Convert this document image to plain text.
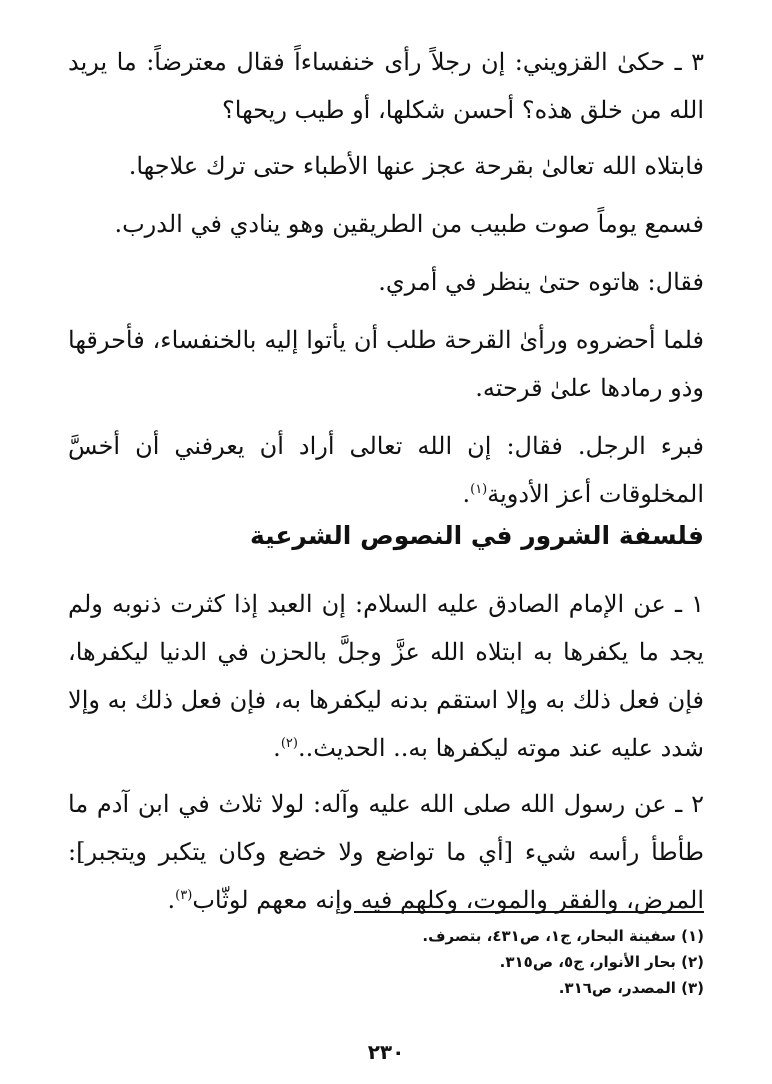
٣ ـ حكىٰ القزويني: إن رجلاً رأى خنفساءاً فقال معترضاً: ما يريد الله من خلق هذه؟ أحسن شكلها، أو طيب ريحها؟

فابتلاه الله تعالىٰ بقرحة عجز عنها الأطباء حتى ترك علاجها.

فسمع يوماً صوت طبيب من الطريقين وهو ينادي في الدرب.

فقال: هاتوه حتىٰ ينظر في أمري.

فلما أحضروه ورأىٰ القرحة طلب أن يأتوا إليه بالخنفساء، فأحرقها وذو رمادها علىٰ قرحته.

فبرء الرجل. فقال: إن الله تعالى أراد أن يعرفني أن أخسَّ المخلوقات أعز الأدوية$^{(١)}$.

فلسفة الشرور في النصوص الشرعية

١ ـ عن الإمام الصادق عليه السلام: إن العبد إذا كثرت ذنوبه ولم يجد ما يكفرها به ابتلاه الله عزَّ وجلَّ بالحزن في الدنيا ليكفرها، فإن فعل ذلك به وإلا استقم بدنه ليكفرها به، فإن فعل ذلك به وإلا شدد عليه عند موته ليكفرها به.. الحديث..$^{(٢)}$.

٢ ـ عن رسول الله صلى الله عليه وآله: لولا ثلاث في ابن آدم ما طأطأ رأسه شيء [أي ما تواضع ولا خضع وكان يتكبر ويتجبر]: المرض، والفقر والموت، وكلهم فيه وإنه معهم لوثّاب$^{(٣)}$.

(١) سفينة البحار، ج١، ص٤٣١، بتصرف.
(٢) بحار الأنوار، ج٥، ص٣١٥.
(٣) المصدر، ص٣١٦.
٢٣٠
